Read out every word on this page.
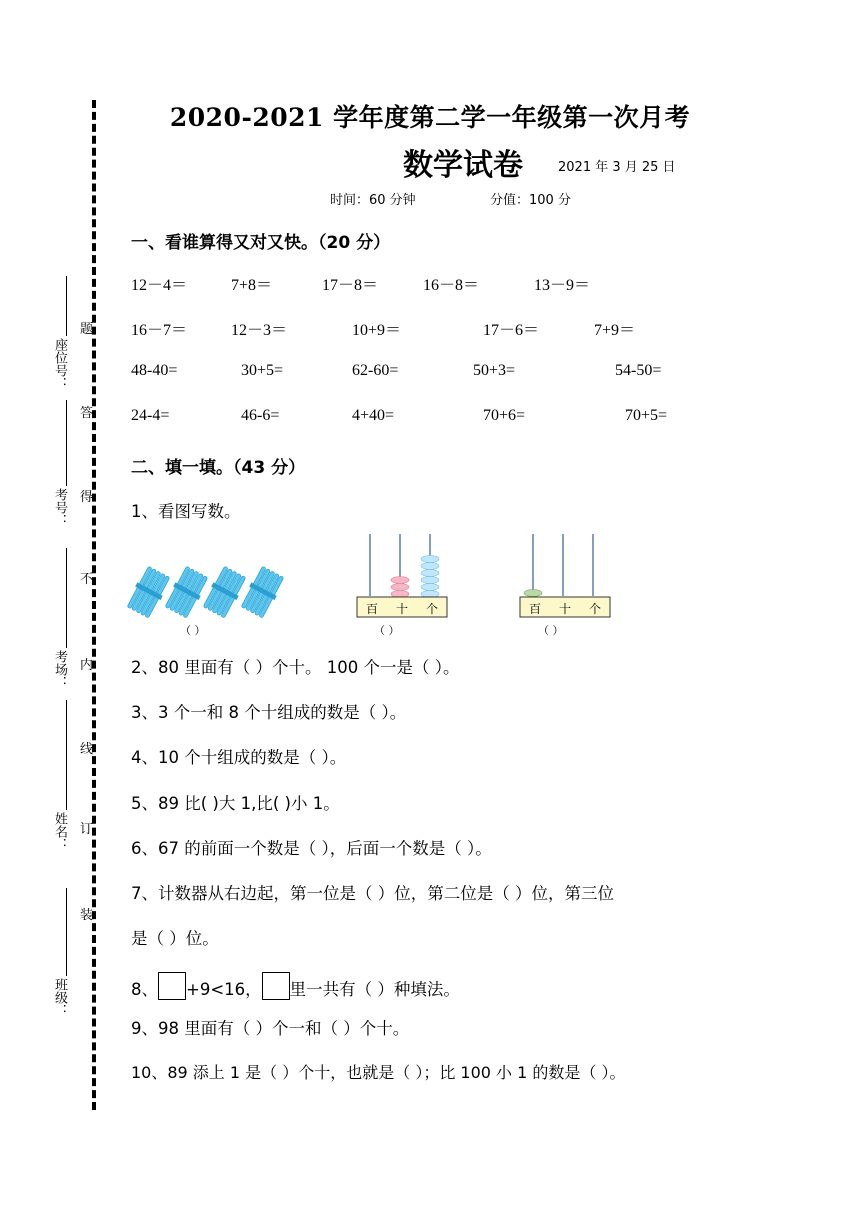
座位号：
考号：
考场：
姓名：
班级：
题
答
得
不
内
线
订
装
2020-2021 学年度第二学一年级第一次月考
数学试卷	2021 年 3 月 25 日
时间：60 分钟	分值：100 分
一、看谁算得又对又快。（20 分）
12－4＝	7+8＝	17－8＝	16－8＝	13－9＝
16－7＝	12－3＝	10+9＝	17－6＝	7+9＝
48-40=	30+5=	62-60=	50+3=	54-50=
24-4=	46-6=	4+40=	70+6=	70+5=
二、填一填。（43 分）
1、看图写数。
（ ）
百 十 个
（ ）
百 十 个
（ ）
2、80 里面有（ ）个十。 100 个一是（ ）。
3、3 个一和 8 个十组成的数是（ ）。
4、10 个十组成的数是（ ）。
5、89 比( )大 1,比( )小 1。
6、67 的前面一个数是（ ），后面一个数是（ ）。
7、计数器从右边起，第一位是（ ）位，第二位是（ ）位，第三位
是（ ）位。
8、 +9<16， 里一共有（ ）种填法。
9、98 里面有（ ）个一和（ ）个十。
10、89 添上 1 是（ ）个十，也就是（ ）；比 100 小 1 的数是（ ）。
